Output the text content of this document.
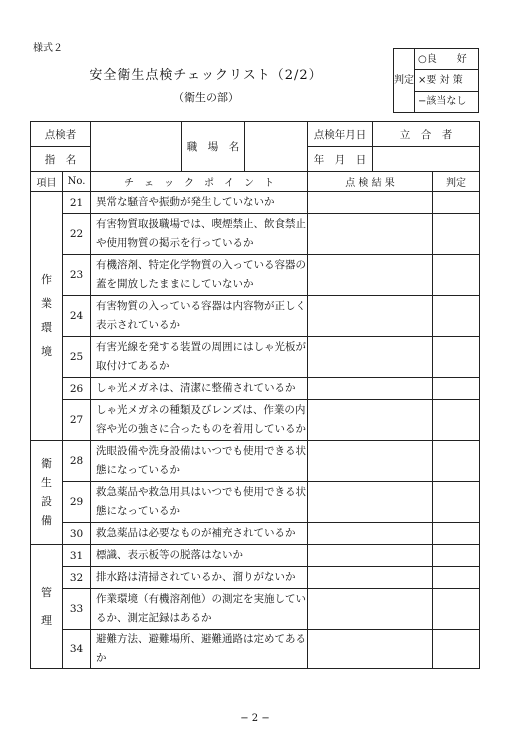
様式２
安全衛生点検チェックリスト（2/2）
（衛生の部）
判定	○良　　好
×要 対 策
−該当なし
点検者			職　場　名		点検年月日	立　合　者	
指　名					年　月　日		
項目	No.	チ　ェ　ッ　ク　ポ　イ　ン　ト			点 検 結 果		判定

作
業
環
境	21	異常な騒音や振動が発生していないか					
	22	有害物質取扱職場では、喫煙禁止、飲食禁止や使用物質の掲示を行っているか					
	23	有機溶剤、特定化学物質の入っている容器の蓋を開放したままにしていないか					
	24	有害物質の入っている容器は内容物が正しく表示されているか					
	25	有害光線を発する装置の周囲にはしゃ光板が取付けてあるか					
	26	しゃ光メガネは、清潔に整備されているか					
	27	しゃ光メガネの種類及びレンズは、作業の内容や光の強さに合ったものを着用しているか					

衛
生
設
備	28	洗眼設備や洗身設備はいつでも使用できる状態になっているか					
	29	救急薬品や救急用具はいつでも使用できる状態になっているか					
	30	救急薬品は必要なものが補充されているか					

管
理	31	標識、表示板等の脱落はないか					
	32	排水路は清掃されているか、溜りがないか					
	33	作業環境（有機溶剤他）の測定を実施しているか、測定記録はあるか					
	34	避難方法、避難場所、避難通路は定めてあるか					
− 2 −
